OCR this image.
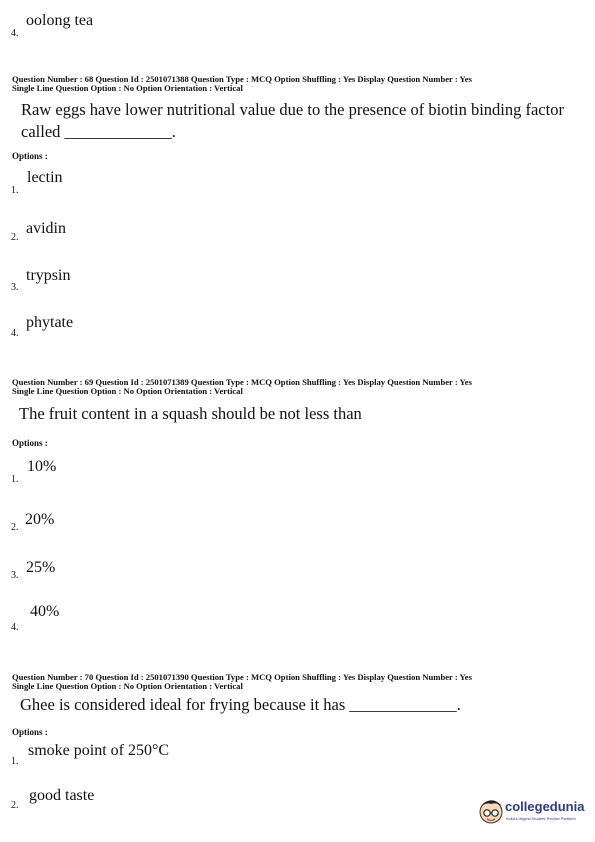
oolong tea
4.
Question Number : 68 Question Id : 2501071388 Question Type : MCQ Option Shuffling : Yes Display Question Number : Yes
Single Line Question Option : No Option Orientation : Vertical
Raw eggs have lower nutritional value due to the presence of biotin binding factor
called _____________.
Options :
lectin
1.
avidin
2.
trypsin
3.
phytate
4.
Question Number : 69 Question Id : 2501071389 Question Type : MCQ Option Shuffling : Yes Display Question Number : Yes
Single Line Question Option : No Option Orientation : Vertical
The fruit content in a squash should be not less than
Options :
10%
1.
20%
2.
25%
3.
40%
4.
Question Number : 70 Question Id : 2501071390 Question Type : MCQ Option Shuffling : Yes Display Question Number : Yes
Single Line Question Option : No Option Orientation : Vertical
Ghee is considered ideal for frying because it has _____________.
Options :
smoke point of 250°C
1.
good taste
2.	collegedunia
India's largest Student Review Platform
